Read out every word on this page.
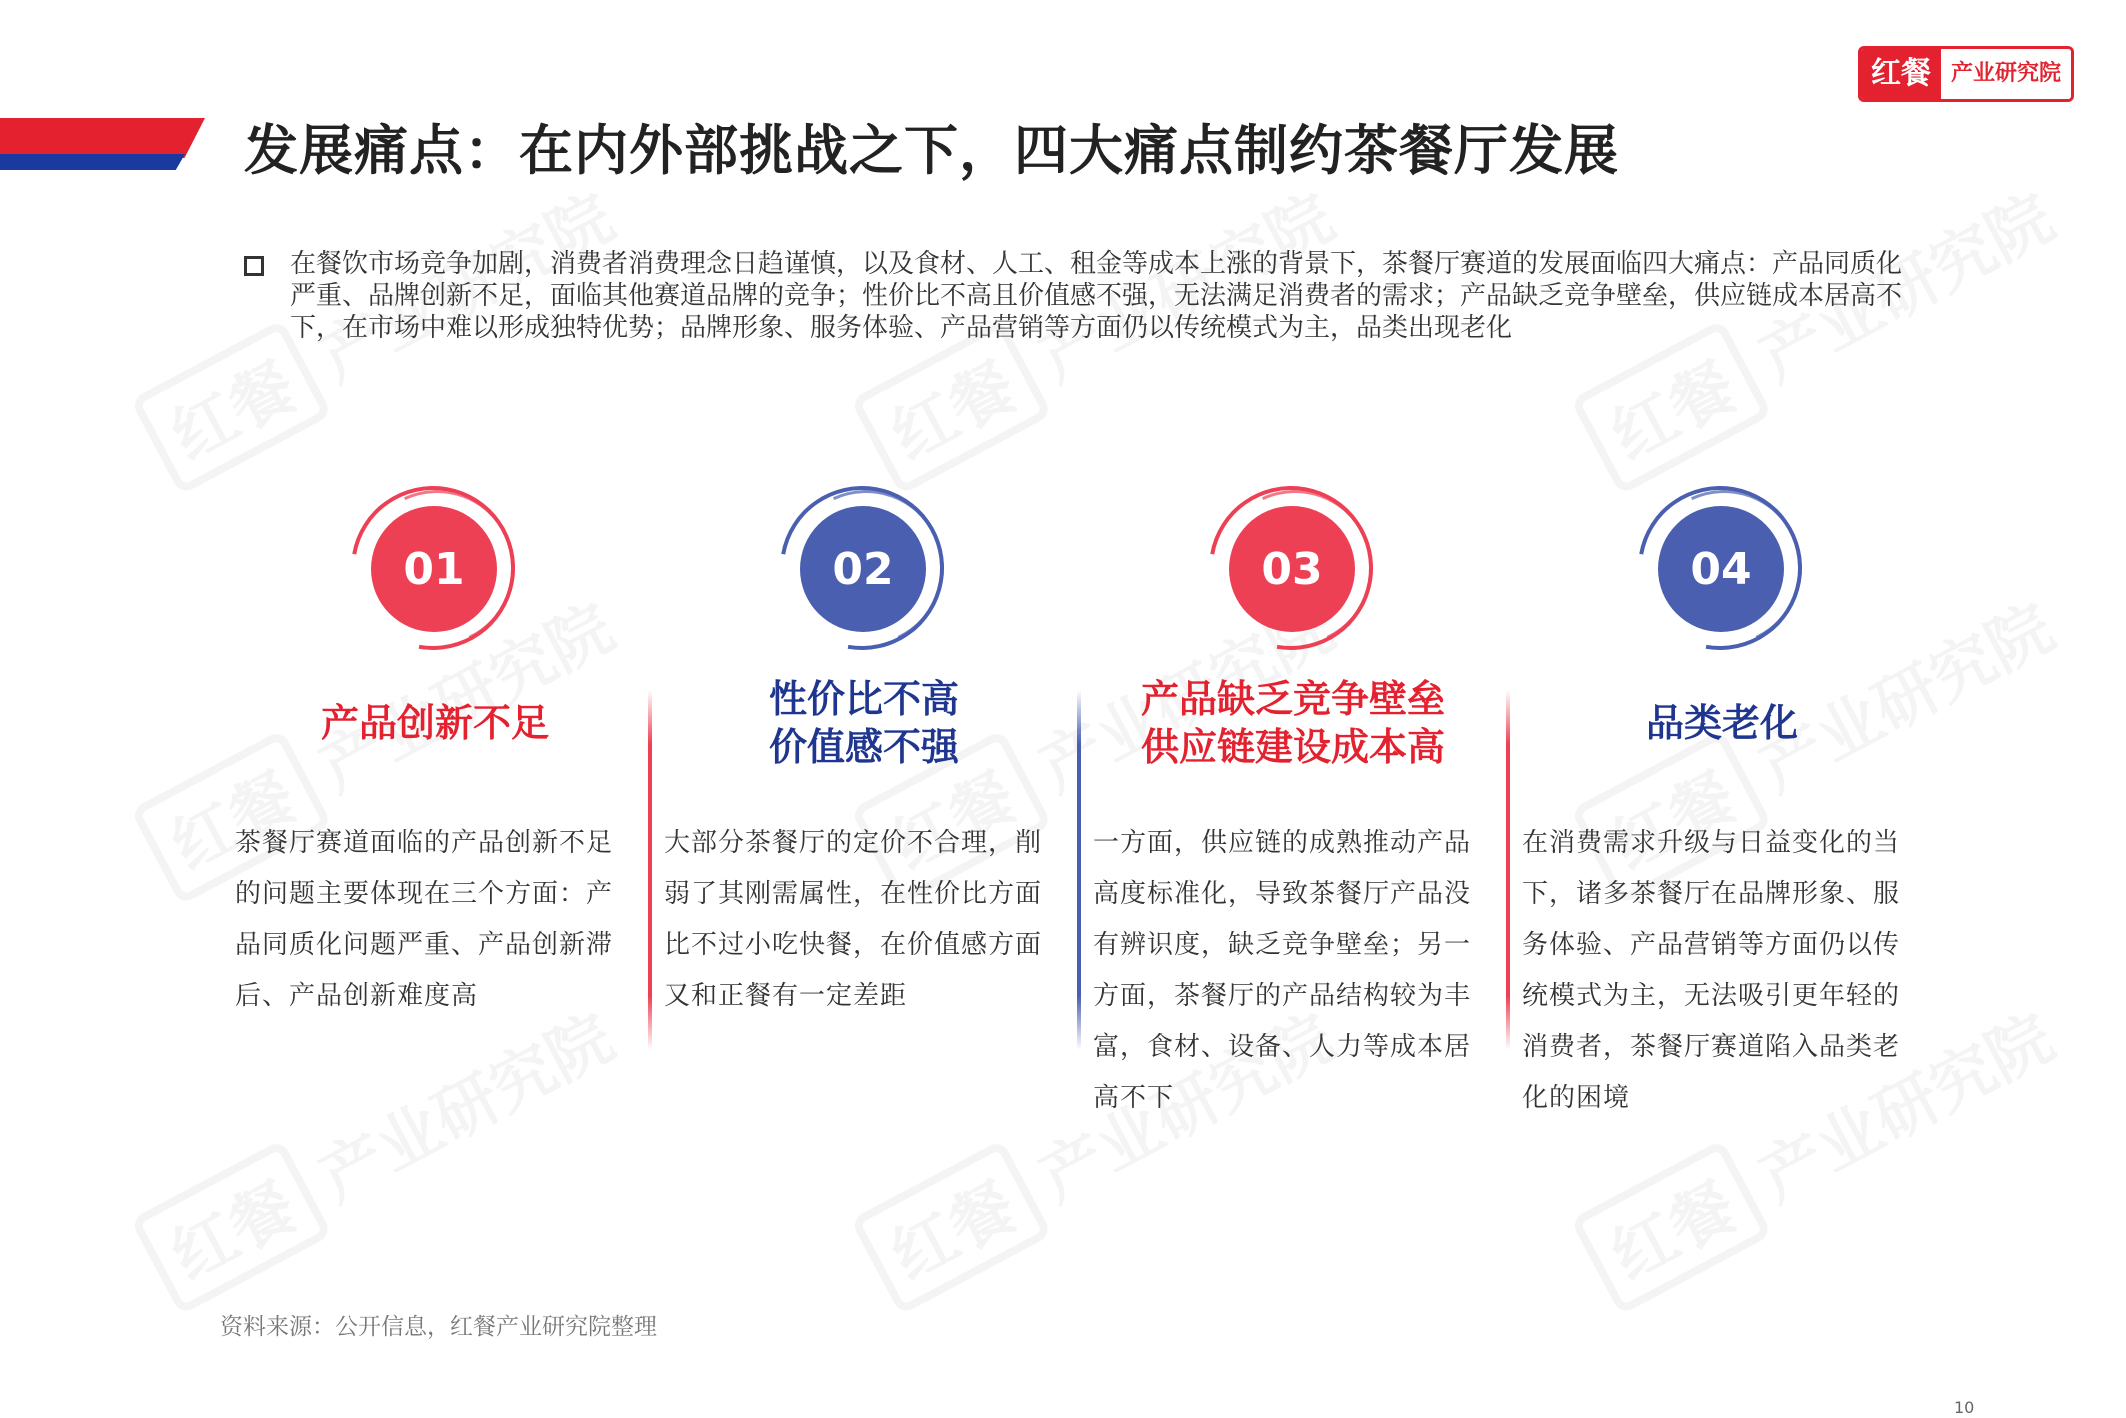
红餐 产业研究院
发展痛点：在内外部挑战之下，四大痛点制约茶餐厅发展
在餐饮市场竞争加剧，消费者消费理念日趋谨慎，以及食材、人工、租金等成本上涨的背景下，茶餐厅赛道的发展面临四大痛点：产品同质化严重、品牌创新不足，面临其他赛道品牌的竞争；性价比不高且价值感不强，无法满足消费者的需求；产品缺乏竞争壁垒，供应链成本居高不下，在市场中难以形成独特优势；品牌形象、服务体验、产品营销等方面仍以传统模式为主，品类出现老化
01
产品创新不足
茶餐厅赛道面临的产品创新不足的问题主要体现在三个方面：产品同质化问题严重、产品创新滞后、产品创新难度高
02
性价比不高
价值感不强
大部分茶餐厅的定价不合理，削弱了其刚需属性，在性价比方面比不过小吃快餐，在价值感方面又和正餐有一定差距
03
产品缺乏竞争壁垒
供应链建设成本高
一方面，供应链的成熟推动产品高度标准化，导致茶餐厅产品没有辨识度，缺乏竞争壁垒；另一方面，茶餐厅的产品结构较为丰富，食材、设备、人力等成本居高不下
04
品类老化
在消费需求升级与日益变化的当下，诸多茶餐厅在品牌形象、服务体验、产品营销等方面仍以传统模式为主，无法吸引更年轻的消费者，茶餐厅赛道陷入品类老化的困境
资料来源：公开信息，红餐产业研究院整理
10
